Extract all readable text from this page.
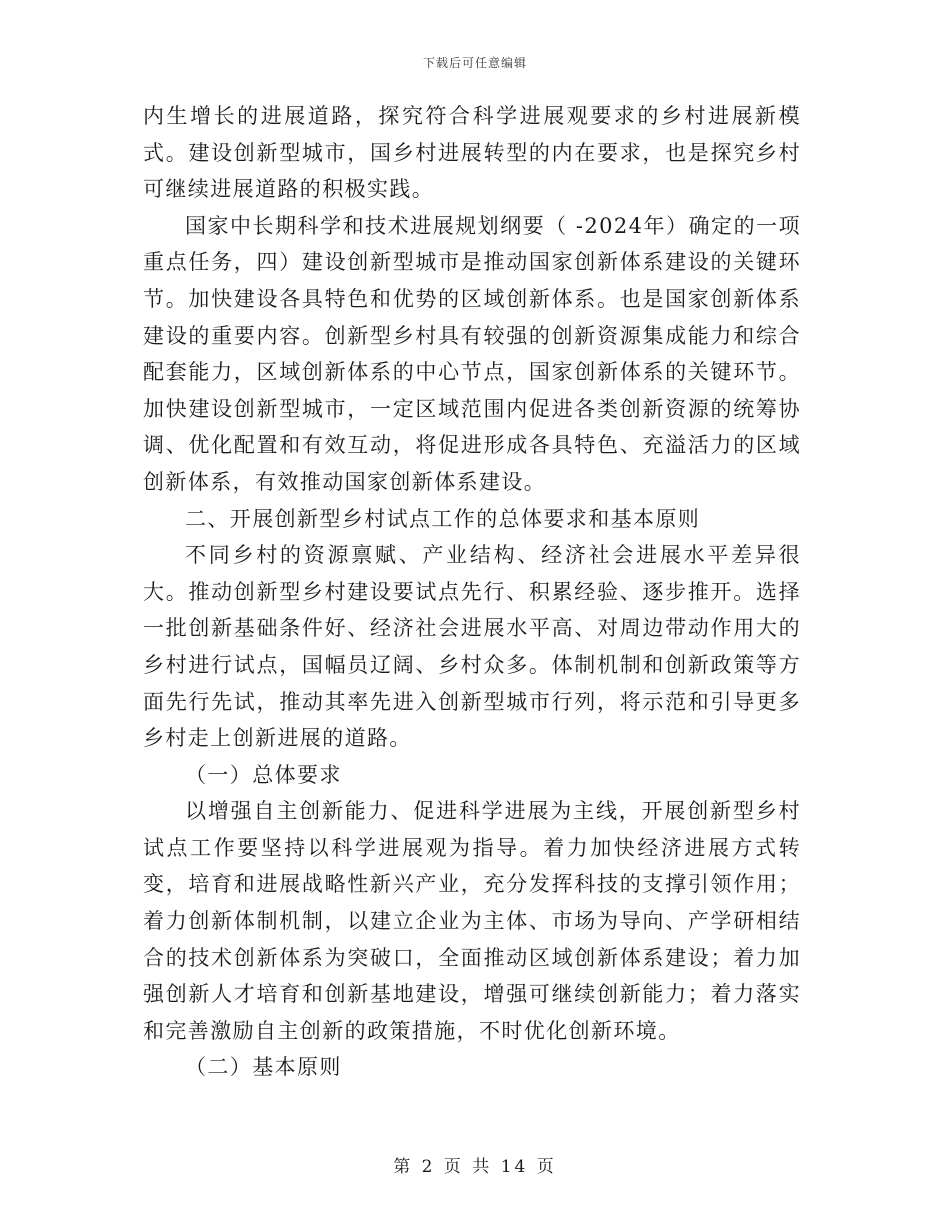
下载后可任意编辑

内生增长的进展道路，探究符合科学进展观要求的乡村进展新模式。建设创新型城市，国乡村进展转型的内在要求，也是探究乡村可继续进展道路的积极实践。

国家中长期科学和技术进展规划纲要（ -2024年）确定的一项重点任务，四）建设创新型城市是推动国家创新体系建设的关键环节。加快建设各具特色和优势的区域创新体系。也是国家创新体系建设的重要内容。创新型乡村具有较强的创新资源集成能力和综合配套能力，区域创新体系的中心节点，国家创新体系的关键环节。加快建设创新型城市，一定区域范围内促进各类创新资源的统筹协调、优化配置和有效互动，将促进形成各具特色、充溢活力的区域创新体系，有效推动国家创新体系建设。

二、开展创新型乡村试点工作的总体要求和基本原则

不同乡村的资源禀赋、产业结构、经济社会进展水平差异很大。推动创新型乡村建设要试点先行、积累经验、逐步推开。选择一批创新基础条件好、经济社会进展水平高、对周边带动作用大的乡村进行试点，国幅员辽阔、乡村众多。体制机制和创新政策等方面先行先试，推动其率先进入创新型城市行列，将示范和引导更多乡村走上创新进展的道路。

（一）总体要求

以增强自主创新能力、促进科学进展为主线，开展创新型乡村试点工作要坚持以科学进展观为指导。着力加快经济进展方式转变，培育和进展战略性新兴产业，充分发挥科技的支撑引领作用；着力创新体制机制，以建立企业为主体、市场为导向、产学研相结合的技术创新体系为突破口，全面推动区域创新体系建设；着力加强创新人才培育和创新基地建设，增强可继续创新能力；着力落实和完善激励自主创新的政策措施，不时优化创新环境。

（二）基本原则

第 2 页 共 14 页
